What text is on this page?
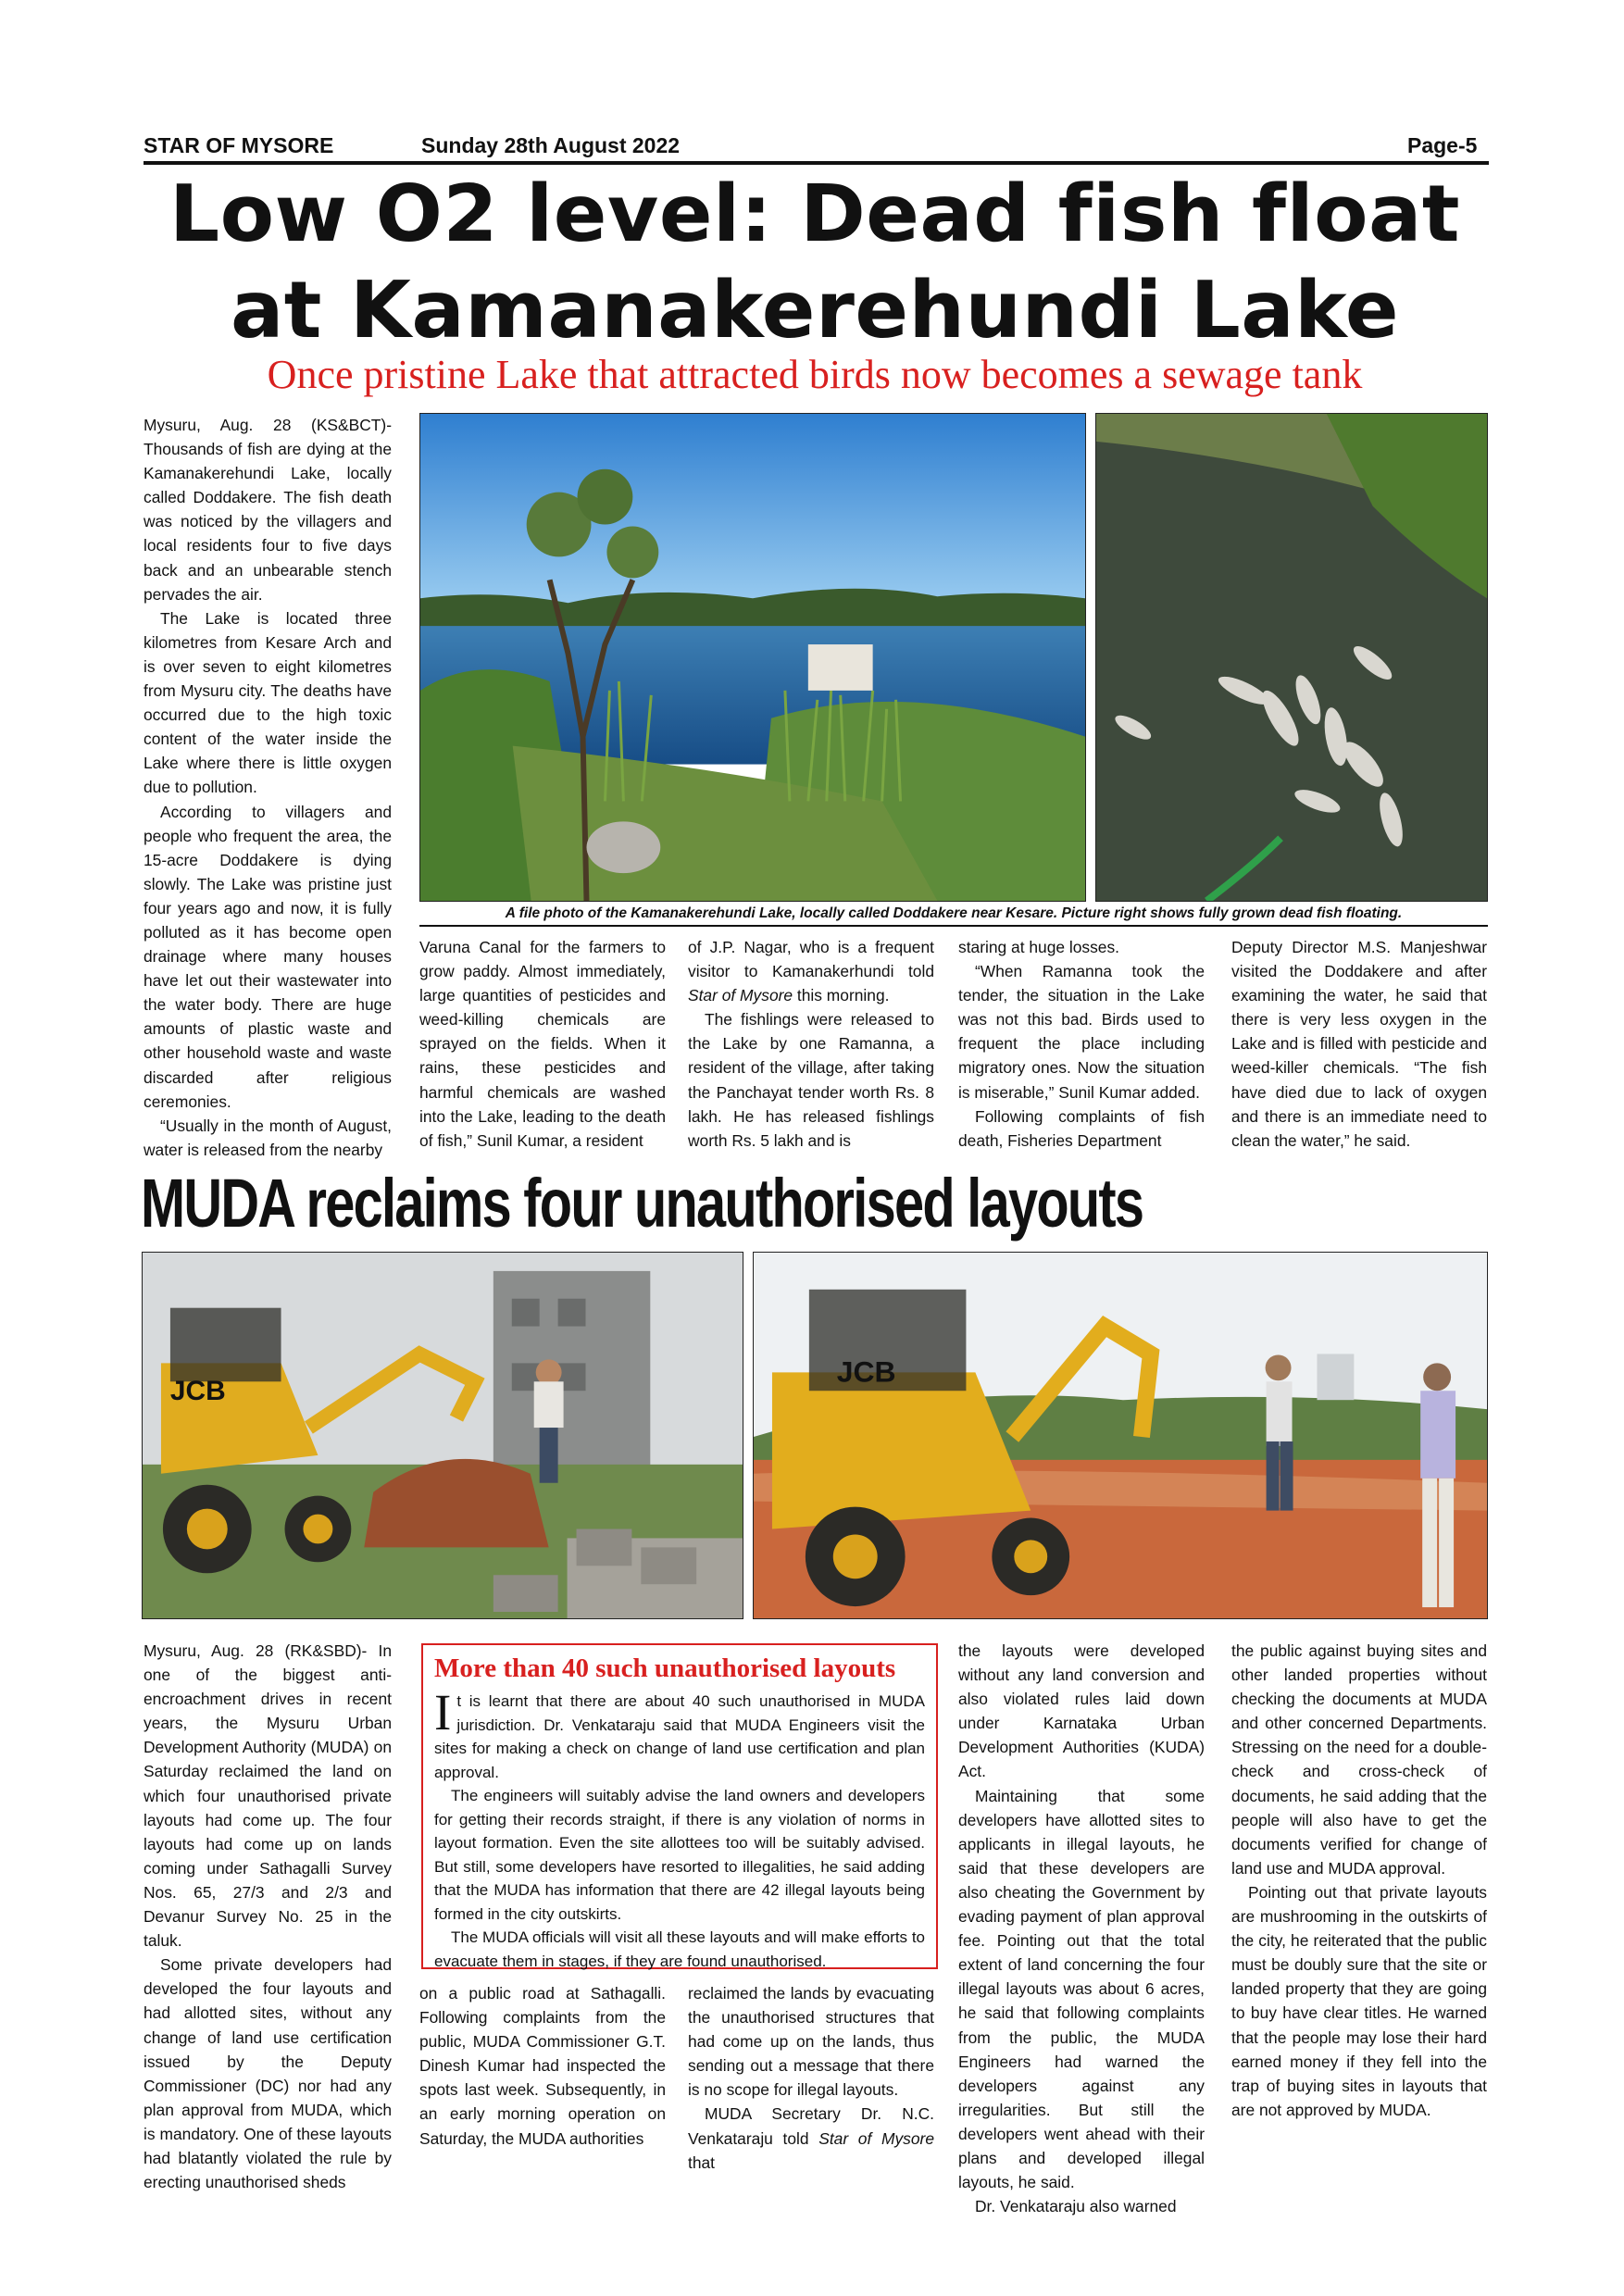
STAR OF MYSORE	Sunday 28th August 2022	Page-5
Low O2 level: Dead fish float
at Kamanakerehundi Lake
Once pristine Lake that attracted birds now becomes a sewage tank

Mysuru, Aug. 28 (KS&BCT)- Thousands of fish are dying at the Kamanakerehundi Lake, locally called Doddakere. The fish death was noticed by the villagers and local residents four to five days back and an unbearable stench pervades the air.

The Lake is located three kilometres from Kesare Arch and is over seven to eight kilometres from Mysuru city. The deaths have occurred due to the high toxic content of the water inside the Lake where there is little oxygen due to pollution.

According to villagers and people who frequent the area, the 15-acre Doddakere is dying slowly. The Lake was pristine just four years ago and now, it is fully polluted as it has become open drainage where many houses have let out their wastewater into the water body. There are huge amounts of plastic waste and other household waste and waste discarded after religious ceremonies.

“Usually in the month of August, water is released from the nearby

A file photo of the Kamanakerehundi Lake, locally called Doddakere near Kesare. Picture right shows fully grown dead fish floating.

Varuna Canal for the farmers to grow paddy. Almost immediately, large quantities of pesticides and weed-killing chemicals are sprayed on the fields. When it rains, these pesticides and harmful chemicals are washed into the Lake, leading to the death of fish,” Sunil Kumar, a resident

of J.P. Nagar, who is a frequent visitor to Kamanakerhundi told Star of Mysore this morning.

The fishlings were released to the Lake by one Ramanna, a resident of the village, after taking the Panchayat tender worth Rs. 8 lakh. He has released fishlings worth Rs. 5 lakh and is

staring at huge losses.

“When Ramanna took the tender, the situation in the Lake was not this bad. Birds used to frequent the place including migratory ones. Now the situation is miserable,” Sunil Kumar added.

Following complaints of fish death, Fisheries Department

Deputy Director M.S. Manjeshwar visited the Doddakere and after examining the water, he said that there is very less oxygen in the Lake and is filled with pesticide and weed-killer chemicals. “The fish have died due to lack of oxygen and there is an immediate need to clean the water,” he said.

MUDA reclaims four unauthorised layouts
JCB
JCB

Mysuru, Aug. 28 (RK&SBD)- In one of the biggest anti-encroachment drives in recent years, the Mysuru Urban Development Authority (MUDA) on Saturday reclaimed the land on which four unauthorised private layouts had come up. The four layouts had come up on lands coming under Sathagalli Survey Nos. 65, 27/3 and 2/3 and Devanur Survey No. 25 in the taluk.

Some private developers had developed the four layouts and had allotted sites, without any change of land use certification issued by the Deputy Commissioner (DC) nor had any plan approval from MUDA, which is mandatory. One of these layouts had blatantly violated the rule by erecting unauthorised sheds

More than 40 such unauthorised layouts

It is learnt that there are about 40 such unauthorised in MUDA jurisdiction. Dr. Venkataraju said that MUDA Engineers visit the sites for making a check on change of land use certification and plan approval.

The engineers will suitably advise the land owners and developers for getting their records straight, if there is any violation of norms in layout formation. Even the site allottees too will be suitably advised. But still, some developers have resorted to illegalities, he said adding that the MUDA has information that there are 42 illegal layouts being formed in the city outskirts.

The MUDA officials will visit all these layouts and will make efforts to evacuate them in stages, if they are found unauthorised.

on a public road at Sathagalli. Following complaints from the public, MUDA Commissioner G.T. Dinesh Kumar had inspected the spots last week. Subsequently, in an early morning operation on Saturday, the MUDA authorities

reclaimed the lands by evacuating the unauthorised structures that had come up on the lands, thus sending out a message that there is no scope for illegal layouts.

MUDA Secretary Dr. N.C. Venkataraju told Star of Mysore that

the layouts were developed without any land conversion and also violated rules laid down under Karnataka Urban Development Authorities (KUDA) Act.

Maintaining that some developers have allotted sites to applicants in illegal layouts, he said that these developers are also cheating the Government by evading payment of plan approval fee. Pointing out that the total extent of land concerning the four illegal layouts was about 6 acres, he said that following complaints from the public, the MUDA Engineers had warned the developers against any irregularities. But still the developers went ahead with their plans and developed illegal layouts, he said.

Dr. Venkataraju also warned

the public against buying sites and other landed properties without checking the documents at MUDA and other concerned Departments. Stressing on the need for a double-check and cross-check of documents, he said adding that the people will also have to get the documents verified for change of land use and MUDA approval.

Pointing out that private layouts are mushrooming in the outskirts of the city, he reiterated that the public must be doubly sure that the site or landed property that they are going to buy have clear titles. He warned that the people may lose their hard earned money if they fell into the trap of buying sites in layouts that are not approved by MUDA.
